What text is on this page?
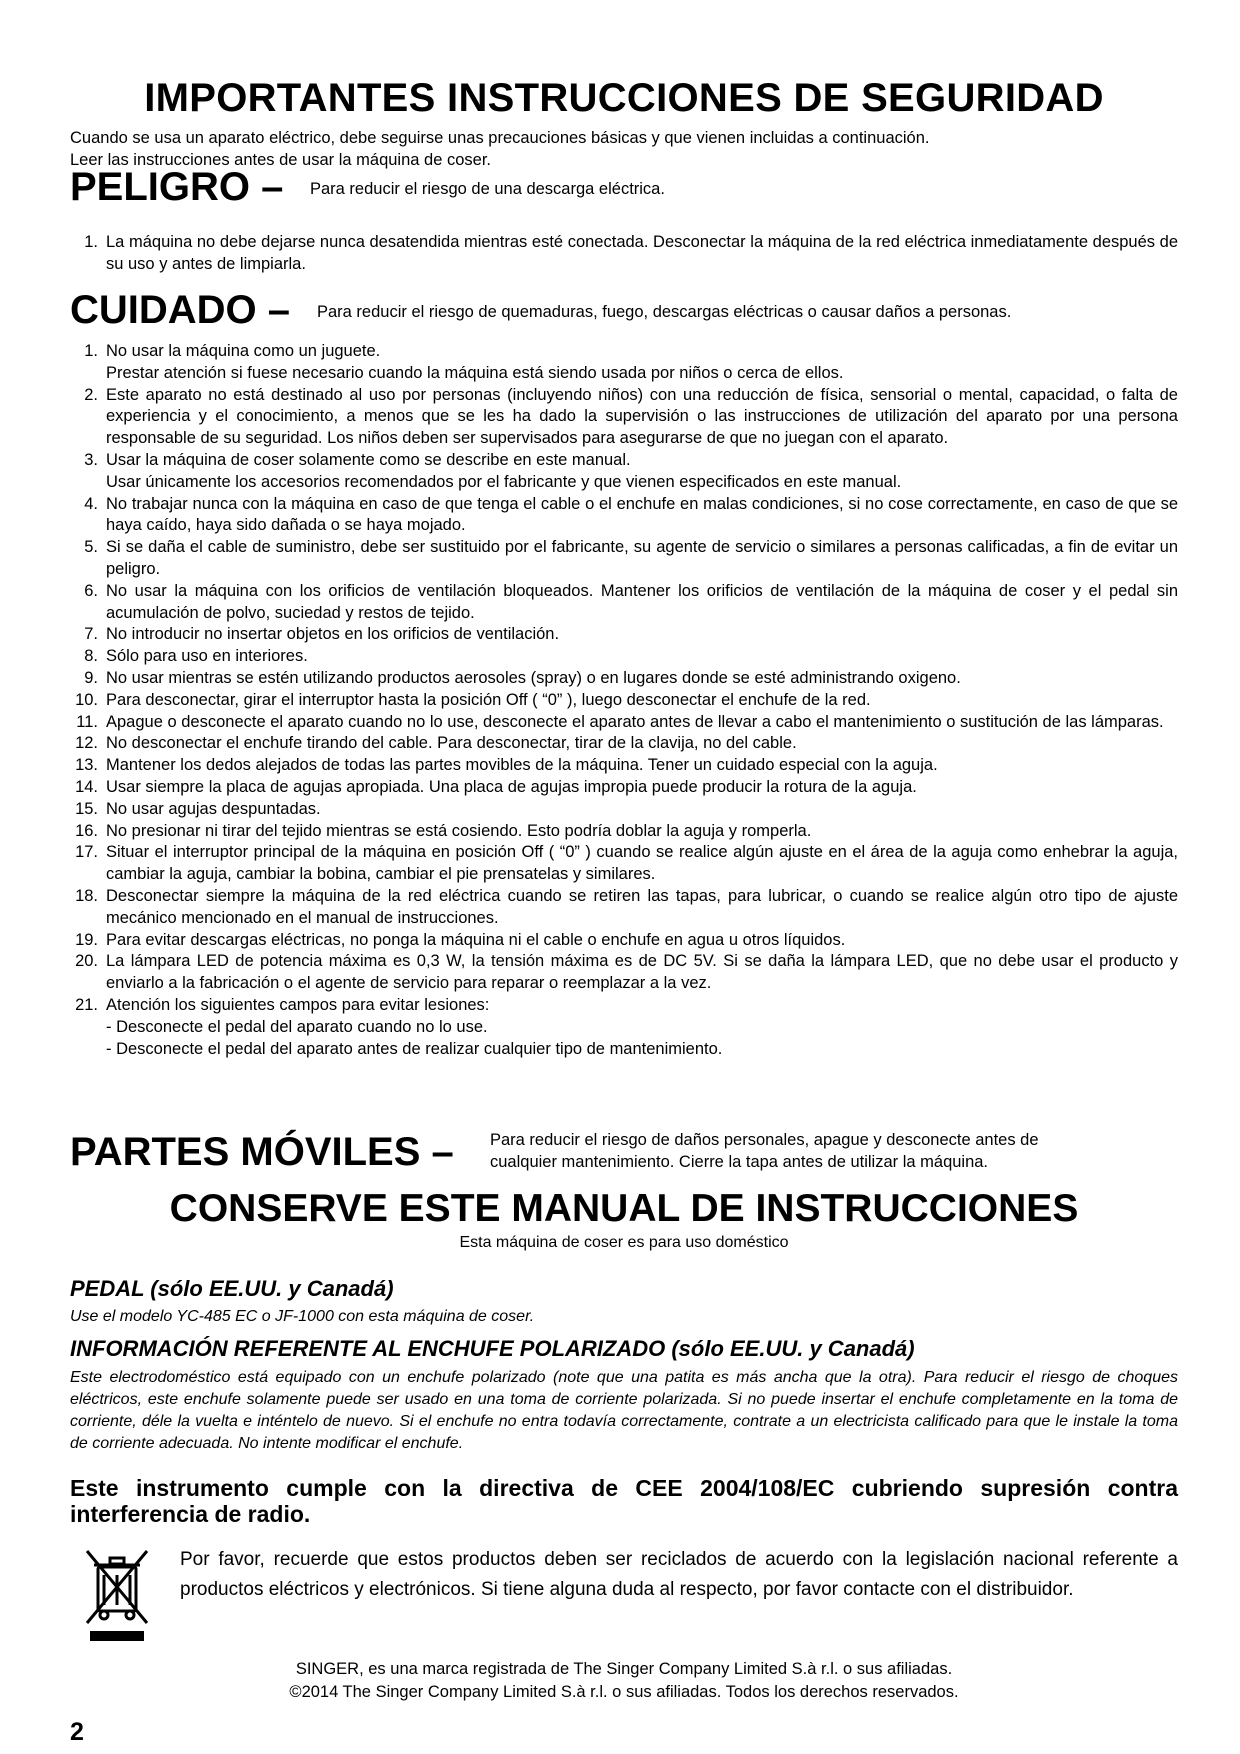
IMPORTANTES INSTRUCCIONES DE SEGURIDAD
Cuando se usa un aparato eléctrico, debe seguirse unas precauciones básicas y que vienen incluidas a continuación.
Leer las instrucciones antes de usar la máquina de coser.
PELIGRO – Para reducir el riesgo de una descarga eléctrica.
1. La máquina no debe dejarse nunca desatendida mientras esté conectada. Desconectar la máquina de la red eléctrica inmediatamente después de su uso y antes de limpiarla.
CUIDADO – Para reducir el riesgo de quemaduras, fuego, descargas eléctricas o causar daños a personas.
1. No usar la máquina como un juguete.
Prestar atención si fuese necesario cuando la máquina está siendo usada por niños o cerca de ellos.
2. Este aparato no está destinado al uso por personas (incluyendo niños) con una reducción de física, sensorial o mental, capacidad, o falta de experiencia y el conocimiento, a menos que se les ha dado la supervisión o las instrucciones de utilización del aparato por una persona responsable de su seguridad. Los niños deben ser supervisados para asegurarse de que no juegan con el aparato.
3. Usar la máquina de coser solamente como se describe en este manual.
Usar únicamente los accesorios recomendados por el fabricante y que vienen especificados en este manual.
4. No trabajar nunca con la máquina en caso de que tenga el cable o el enchufe en malas condiciones, si no cose correctamente, en caso de que se haya caído, haya sido dañada o se haya mojado.
5. Si se daña el cable de suministro, debe ser sustituido por el fabricante, su agente de servicio o similares a personas calificadas, a fin de evitar un peligro.
6. No usar la máquina con los orificios de ventilación bloqueados. Mantener los orificios de ventilación de la máquina de coser y el pedal sin acumulación de polvo, suciedad y restos de tejido.
7. No introducir no insertar objetos en los orificios de ventilación.
8. Sólo para uso en interiores.
9. No usar mientras se estén utilizando productos aerosoles (spray) o en lugares donde se esté administrando oxigeno.
10. Para desconectar, girar el interruptor hasta la posición Off ( “0” ), luego desconectar el enchufe de la red.
11. Apague o desconecte el aparato cuando no lo use, desconecte el aparato antes de llevar a cabo el mantenimiento o sustitución de las lámparas.
12. No desconectar el enchufe tirando del cable. Para desconectar, tirar de la clavija, no del cable.
13. Mantener los dedos alejados de todas las partes movibles de la máquina. Tener un cuidado especial con la aguja.
14. Usar siempre la placa de agujas apropiada. Una placa de agujas impropia puede producir la rotura de la aguja.
15. No usar agujas despuntadas.
16. No presionar ni tirar del tejido mientras se está cosiendo. Esto podría doblar la aguja y romperla.
17. Situar el interruptor principal de la máquina en posición Off ( “0” ) cuando se realice algún ajuste en el área de la aguja como enhebrar la aguja, cambiar la aguja, cambiar la bobina, cambiar el pie prensatelas y similares.
18. Desconectar siempre la máquina de la red eléctrica cuando se retiren las tapas, para lubricar, o cuando se realice algún otro tipo de ajuste mecánico mencionado en el manual de instrucciones.
19. Para evitar descargas eléctricas, no ponga la máquina ni el cable o enchufe en agua u otros líquidos.
20. La lámpara LED de potencia máxima es 0,3 W, la tensión máxima es de DC 5V. Si se daña la lámpara LED, que no debe usar el producto y enviarlo a la fabricación o el agente de servicio para reparar o reemplazar a la vez.
21. Atención los siguientes campos para evitar lesiones:
- Desconecte el pedal del aparato cuando no lo use.
- Desconecte el pedal del aparato antes de realizar cualquier tipo de mantenimiento.
PARTES MÓVILES – Para reducir el riesgo de daños personales, apague y desconecte antes de
cualquier mantenimiento. Cierre la tapa antes de utilizar la máquina.
CONSERVE ESTE MANUAL DE INSTRUCCIONES
Esta máquina de coser es para uso doméstico
PEDAL (sólo EE.UU. y Canadá)
Use el modelo YC-485 EC o JF-1000 con esta máquina de coser.
INFORMACIÓN REFERENTE AL ENCHUFE POLARIZADO (sólo EE.UU. y Canadá)
Este electrodoméstico está equipado con un enchufe polarizado (note que una patita es más ancha que la otra). Para reducir el riesgo de choques eléctricos, este enchufe solamente puede ser usado en una toma de corriente polarizada. Si no puede insertar el enchufe completamente en la toma de corriente, déle la vuelta e inténtelo de nuevo. Si el enchufe no entra todavía correctamente, contrate a un electricista calificado para que le instale la toma de corriente adecuada. No intente modificar el enchufe.
Este instrumento cumple con la directiva de CEE 2004/108/EC cubriendo supresión contra interferencia de radio.
Por favor, recuerde que estos productos deben ser reciclados de acuerdo con la legislación nacional referente a productos eléctricos y electrónicos. Si tiene alguna duda al respecto, por favor contacte con el distribuidor.
SINGER, es una marca registrada de The Singer Company Limited S.à r.l. o sus afiliadas.
©2014 The Singer Company Limited S.à r.l. o sus afiliadas. Todos los derechos reservados.
2
